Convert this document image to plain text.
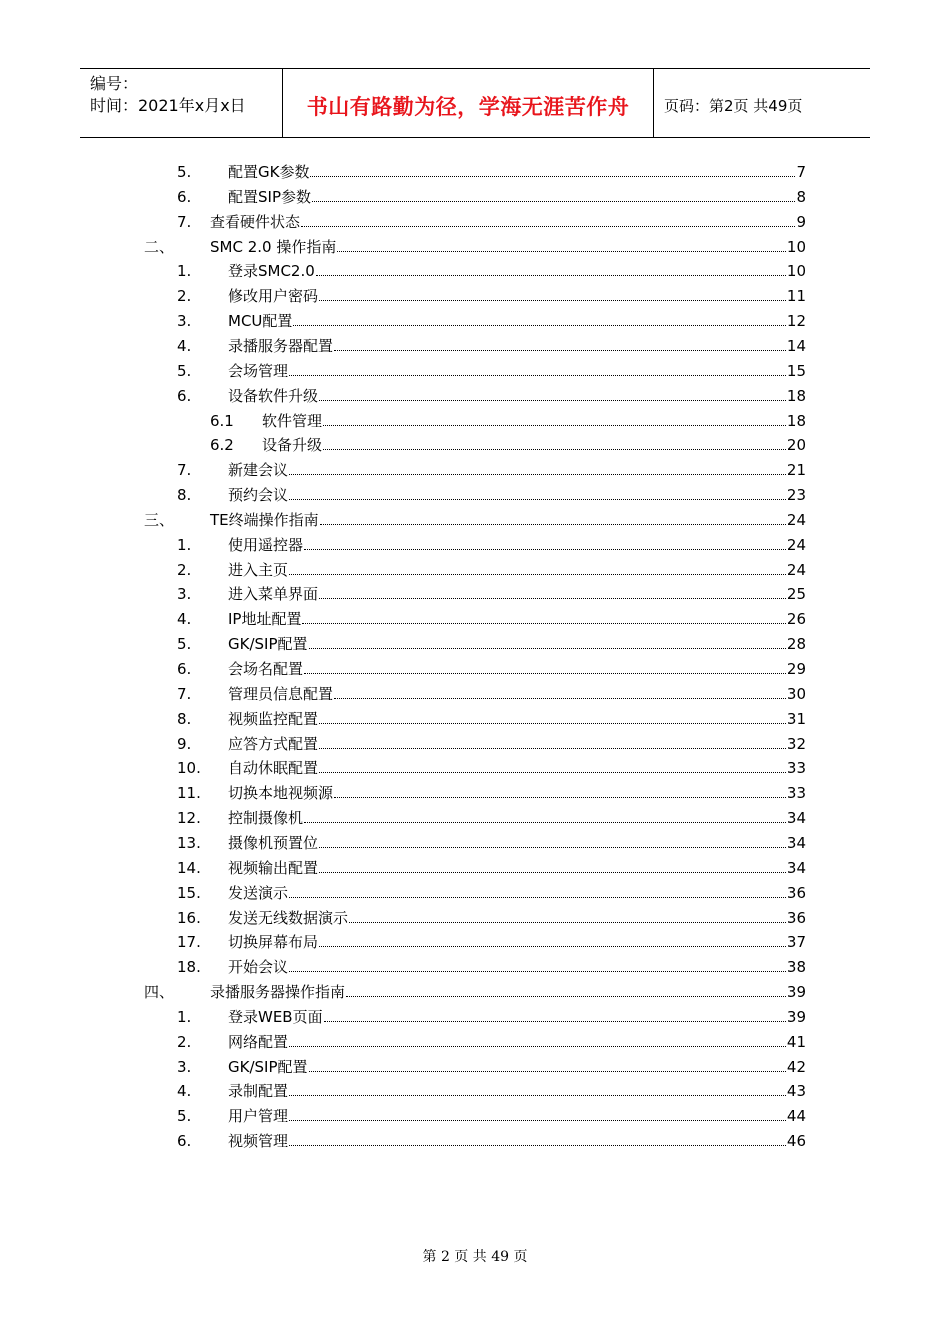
编号：
时间：2021年x月x日	书山有路勤为径，学海无涯苦作舟	页码：第2页 共49页
5. 配置GK参数	7
6. 配置SIP参数	8
7. 查看硬件状态	9
二、 SMC 2.0 操作指南	10
1. 登录SMC2.0	10
2. 修改用户密码	11
3. MCU配置	12
4. 录播服务器配置	14
5. 会场管理	15
6. 设备软件升级	18
6.1 软件管理	18
6.2 设备升级	20
7. 新建会议	21
8. 预约会议	23
三、 TE终端操作指南	24
1. 使用遥控器	24
2. 进入主页	24
3. 进入菜单界面	25
4. IP地址配置	26
5. GK/SIP配置	28
6. 会场名配置	29
7. 管理员信息配置	30
8. 视频监控配置	31
9. 应答方式配置	32
10. 自动休眠配置	33
11. 切换本地视频源	33
12. 控制摄像机	34
13. 摄像机预置位	34
14. 视频输出配置	34
15. 发送演示	36
16. 发送无线数据演示	36
17. 切换屏幕布局	37
18. 开始会议	38
四、 录播服务器操作指南	39
1. 登录WEB页面	39
2. 网络配置	41
3. GK/SIP配置	42
4. 录制配置	43
5. 用户管理	44
6. 视频管理	46
第 2 页 共 49 页
